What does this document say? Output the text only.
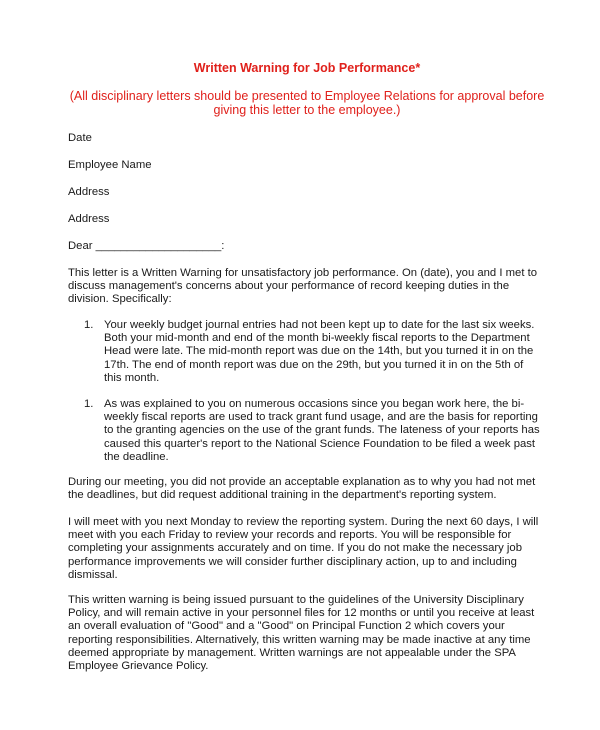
Written Warning for Job Performance*
(All disciplinary letters should be presented to Employee Relations for approval before giving this letter to the employee.)
Date
Employee Name
Address
Address
Dear ____________________:
This letter is a Written Warning for unsatisfactory job performance. On (date), you and I met to discuss management's concerns about your performance of record keeping duties in the division. Specifically:
1. Your weekly budget journal entries had not been kept up to date for the last six weeks. Both your mid-month and end of the month bi-weekly fiscal reports to the Department Head were late. The mid-month report was due on the 14th, but you turned it in on the 17th. The end of month report was due on the 29th, but you turned it in on the 5th of this month.
1. As was explained to you on numerous occasions since you began work here, the bi-weekly fiscal reports are used to track grant fund usage, and are the basis for reporting to the granting agencies on the use of the grant funds. The lateness of your reports has caused this quarter's report to the National Science Foundation to be filed a week past the deadline.
During our meeting, you did not provide an acceptable explanation as to why you had not met the deadlines, but did request additional training in the department's reporting system.
I will meet with you next Monday to review the reporting system. During the next 60 days, I will meet with you each Friday to review your records and reports. You will be responsible for completing your assignments accurately and on time. If you do not make the necessary job performance improvements we will consider further disciplinary action, up to and including dismissal.
This written warning is being issued pursuant to the guidelines of the University Disciplinary Policy, and will remain active in your personnel files for 12 months or until you receive at least an overall evaluation of "Good" and a "Good" on Principal Function 2 which covers your reporting responsibilities. Alternatively, this written warning may be made inactive at any time deemed appropriate by management. Written warnings are not appealable under the SPA Employee Grievance Policy.
